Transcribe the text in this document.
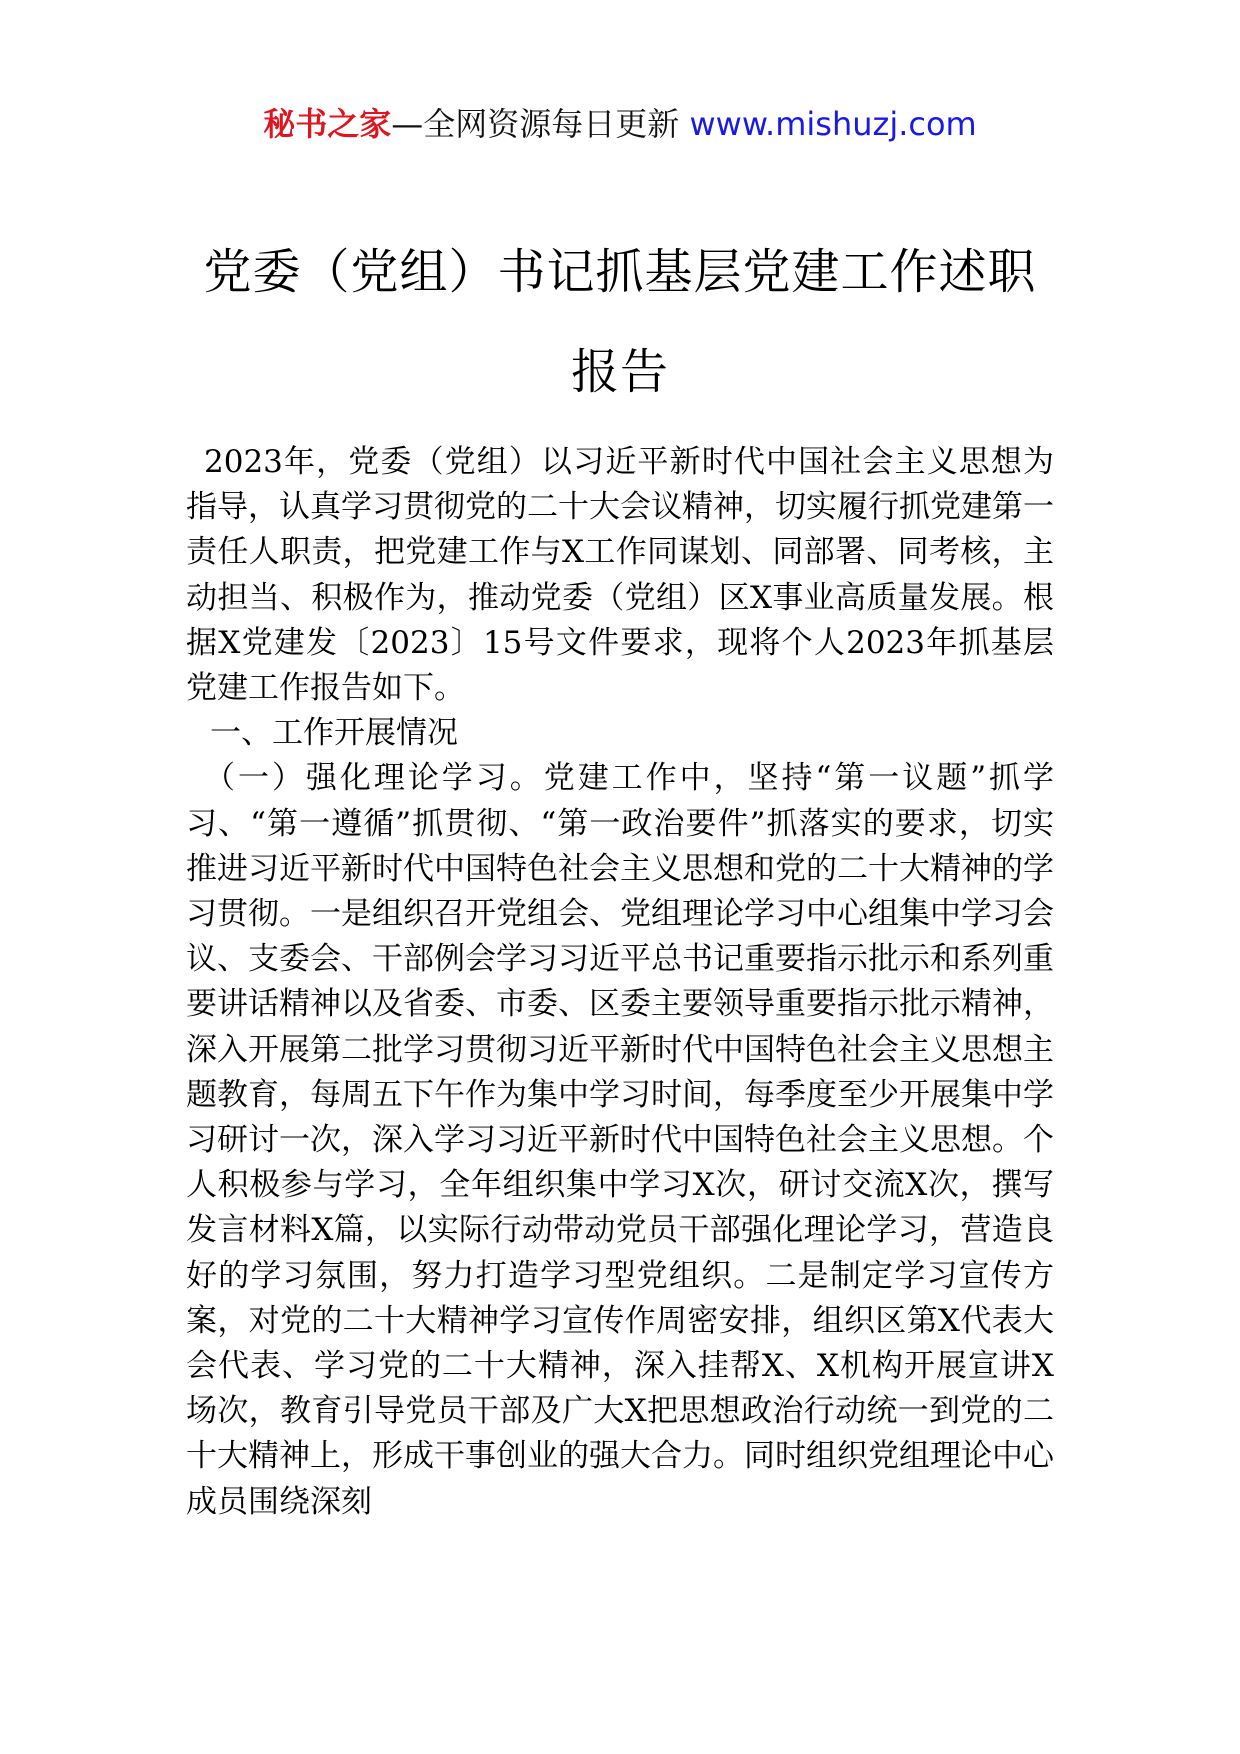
秘书之家—全网资源每日更新 www.mishuzj.com
党委（党组）书记抓基层党建工作述职报告

2023年，党委（党组）以习近平新时代中国社会主义思想为指导，认真学习贯彻党的二十大会议精神，切实履行抓党建第一责任人职责，把党建工作与X工作同谋划、同部署、同考核，主动担当、积极作为，推动党委（党组）区X事业高质量发展。根据X党建发〔2023〕15号文件要求，现将个人2023年抓基层党建工作报告如下。

一、工作开展情况

（一）强化理论学习。党建工作中，坚持“第一议题”抓学习、“第一遵循”抓贯彻、“第一政治要件”抓落实的要求，切实推进习近平新时代中国特色社会主义思想和党的二十大精神的学习贯彻。一是组织召开党组会、党组理论学习中心组集中学习会议、支委会、干部例会学习习近平总书记重要指示批示和系列重要讲话精神以及省委、市委、区委主要领导重要指示批示精神，深入开展第二批学习贯彻习近平新时代中国特色社会主义思想主题教育，每周五下午作为集中学习时间，每季度至少开展集中学习研讨一次，深入学习习近平新时代中国特色社会主义思想。个人积极参与学习，全年组织集中学习X次，研讨交流X次，撰写发言材料X篇，以实际行动带动党员干部强化理论学习，营造良好的学习氛围，努力打造学习型党组织。二是制定学习宣传方案，对党的二十大精神学习宣传作周密安排，组织区第X代表大会代表、学习党的二十大精神，深入挂帮X、X机构开展宣讲X场次，教育引导党员干部及广大X把思想政治行动统一到党的二十大精神上，形成干事创业的强大合力。同时组织党组理论中心成员围绕深刻
